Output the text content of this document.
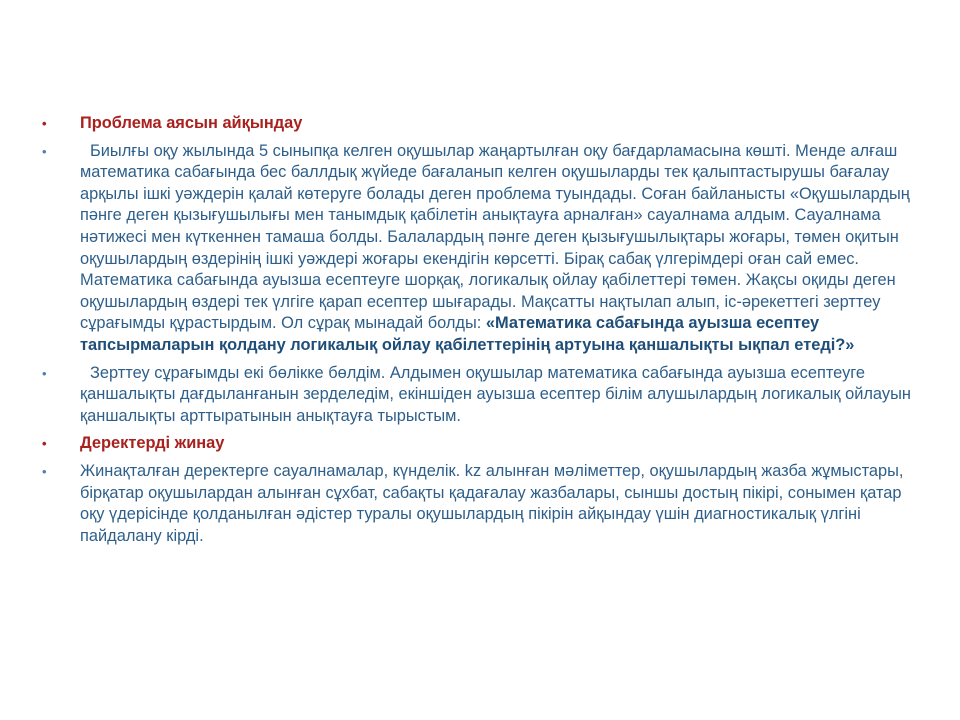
•	Проблема аясын айқындау
•	Биылғы оқу жылында 5 сыныпқа келген оқушылар жаңартылған оқу бағдарламасына көшті. Менде алғаш математика сабағында бес баллдық жүйеде бағаланып келген оқушыларды тек қалыптастырушы бағалау арқылы ішкі уәждерін қалай көтеруге болады деген проблема туындады. Соған байланысты «Оқушылардың пәнге деген қызығушылығы мен танымдық қабілетін анықтауға арналған» сауалнама алдым. Сауалнама нәтижесі мен күткеннен тамаша болды. Балалардың пәнге деген қызығушылықтары жоғары, төмен оқитын оқушылардың өздерінің ішкі уәждері жоғары екендігін көрсетті. Бірақ сабақ үлгерімдері оған сай емес. Математика сабағында ауызша есептеуге шорқақ, логикалық ойлау қабілеттері төмен. Жақсы оқиды деген оқушылардың өздері тек үлгіге қарап есептер шығарады. Мақсатты нақтылап алып, іс-әрекеттегі зерттеу сұрағымды құрастырдым. Ол сұрақ мынадай болды: «Математика сабағында ауызша есептеу тапсырмаларын қолдану логикалық ойлау қабілеттерінің артуына қаншалықты ықпал етеді?»
•	Зерттеу сұрағымды екі бөлікке бөлдім. Алдымен оқушылар математика сабағында ауызша есептеуге қаншалықты дағдыланғанын зерделедім, екіншіден ауызша есептер білім алушылардың логикалық ойлауын қаншалықты арттыратынын анықтауға тырыстым.
•	Деректерді жинау
•	Жинақталған деректерге сауалнамалар, күнделік. kz алынған мәліметтер, оқушылардың жазба жұмыстары, бірқатар оқушылардан алынған сұхбат, сабақты қадағалау жазбалары, сыншы достың пікірі, сонымен қатар оқу үдерісінде қолданылған әдістер туралы оқушылардың пікірін айқындау үшін диагностикалық үлгіні пайдалану кірді.
